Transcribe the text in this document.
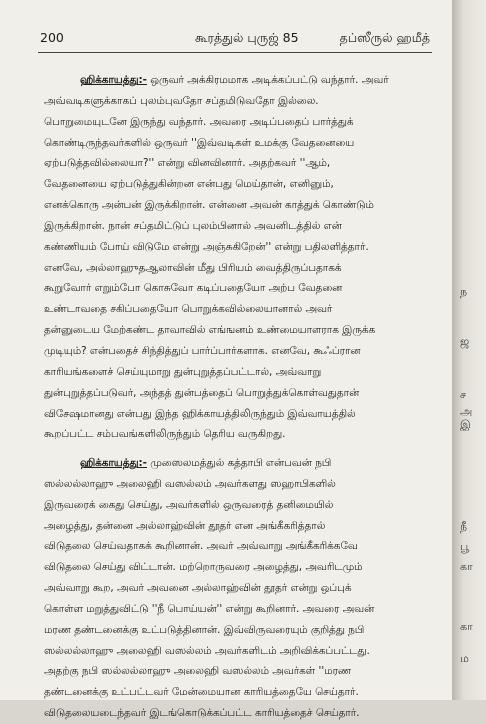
200	கூரத்துல் புருஜ் 85	தப்ஸீருல் ஹமீத்
ஹிக்காயத்து:- ஒருவர் அக்கிரமமாக அடிக்கப்பட்டு வந்தார். அவர்
அவ்வடிகளுக்காகப் புலம்புவதோ சப்தமிடுவதோ இல்லை.
பொறுமையுடனே இருந்து வந்தார். அவரை அடிப்பதைப் பார்த்துக்
கொண்டிருந்தவர்களில் ஒருவர் ''இவ்வடிகள் உமக்கு வேதனையை
ஏற்படுத்தவில்லையா?'' என்று வினவினார். அதற்கவர் ''ஆம்,
வேதனையை ஏற்படுத்துகின்றன என்பது மெய்தான், எனினும்,
எனக்கொரு அன்பன் இருக்கிறான். என்னை அவன் காத்துக் கொண்டும்
இருக்கிறான். நான் சப்தமிட்டுப் புலம்பினால் அவனிடத்தில் என்
கண்ணியம் போய் விடுமே என்று அஞ்சுகிறேன்'' என்று பதிலளித்தார்.
எனவே, அல்லாஹுதஆலாவின் மீது பிரியம் வைத்திருப்பதாகக்
கூறுவோர் எறும்போ கொசுவோ கடிப்பதையோ அற்ப வேதனை
உண்டாவதை சகிப்பதையோ பொறுக்கவில்லையானால் அவர்
தன்னுடைய மேற்கண்ட தாவாவில் எங்ஙனம் உண்மையாளராக இருக்க
முடியும்? என்பதைச் சிந்தித்துப் பார்ப்பார்களாக. எனவே, கூஃப்ரான
காரியங்களைச் செய்யுமாறு துன்புறுத்தப்பட்டால், அவ்வாறு
துன்புறுத்தப்படுவர், அந்தத் துன்பத்தைப் பொறுத்துக்கொள்வதுதான்
விசேஷமானது என்பது இந்த ஹிக்காயத்திலிருந்தும் இவ்வாயத்தில்
கூறப்பட்ட சம்பவங்களிலிருந்தும் தெரிய வருகிறது.
ஹிக்காயத்து:- முஸைலமத்துல் கத்தாபி என்பவன் நபி
ஸல்லல்லாஹு அலைஹி வஸல்லம் அவர்களது ஸஹாபிகளில்
இருவரைக் கைது செய்து, அவர்களில் ஒருவரைத் தனிமையில்
அழைத்து, தன்னை அல்லாஹ்வின் தூதர் என அங்கீகரித்தால்
விடுதலை செய்வதாகக் கூறினான். அவர் அவ்வாறு அங்கீகரிக்கவே
விடுதலை செய்து விட்டான். மற்றொருவரை அழைத்து, அவரிடமும்
அவ்வாறு கூற, அவர் அவனை அல்லாஹ்வின் தூதர் என்று ஒப்புக்
கொள்ள மறுத்துவிட்டு ''நீ பொய்யன்'' என்று கூறினார். அவரை அவன்
மரண தண்டனைக்கு உட்படுத்தினான். இவ்விருவரையும் குறித்து நபி
ஸல்லல்லாஹு அலைஹி வஸல்லம் அவர்களிடம் அறிவிக்கப்பட்டது.
அதற்கு நபி ஸல்லல்லாஹு அலைஹி வஸல்லம் அவர்கள் ''மரண
தண்டனைக்கு உட்பட்டவர் மேன்மையான காரியத்தையே செய்தார்.
விடுதலையடைந்தவர் இடங்கொடுக்கப்பட்ட காரியத்தைச் செய்தார்.
ந
ஜ
ச
அ
இ
நீ
பூ
கா
கா
ம
